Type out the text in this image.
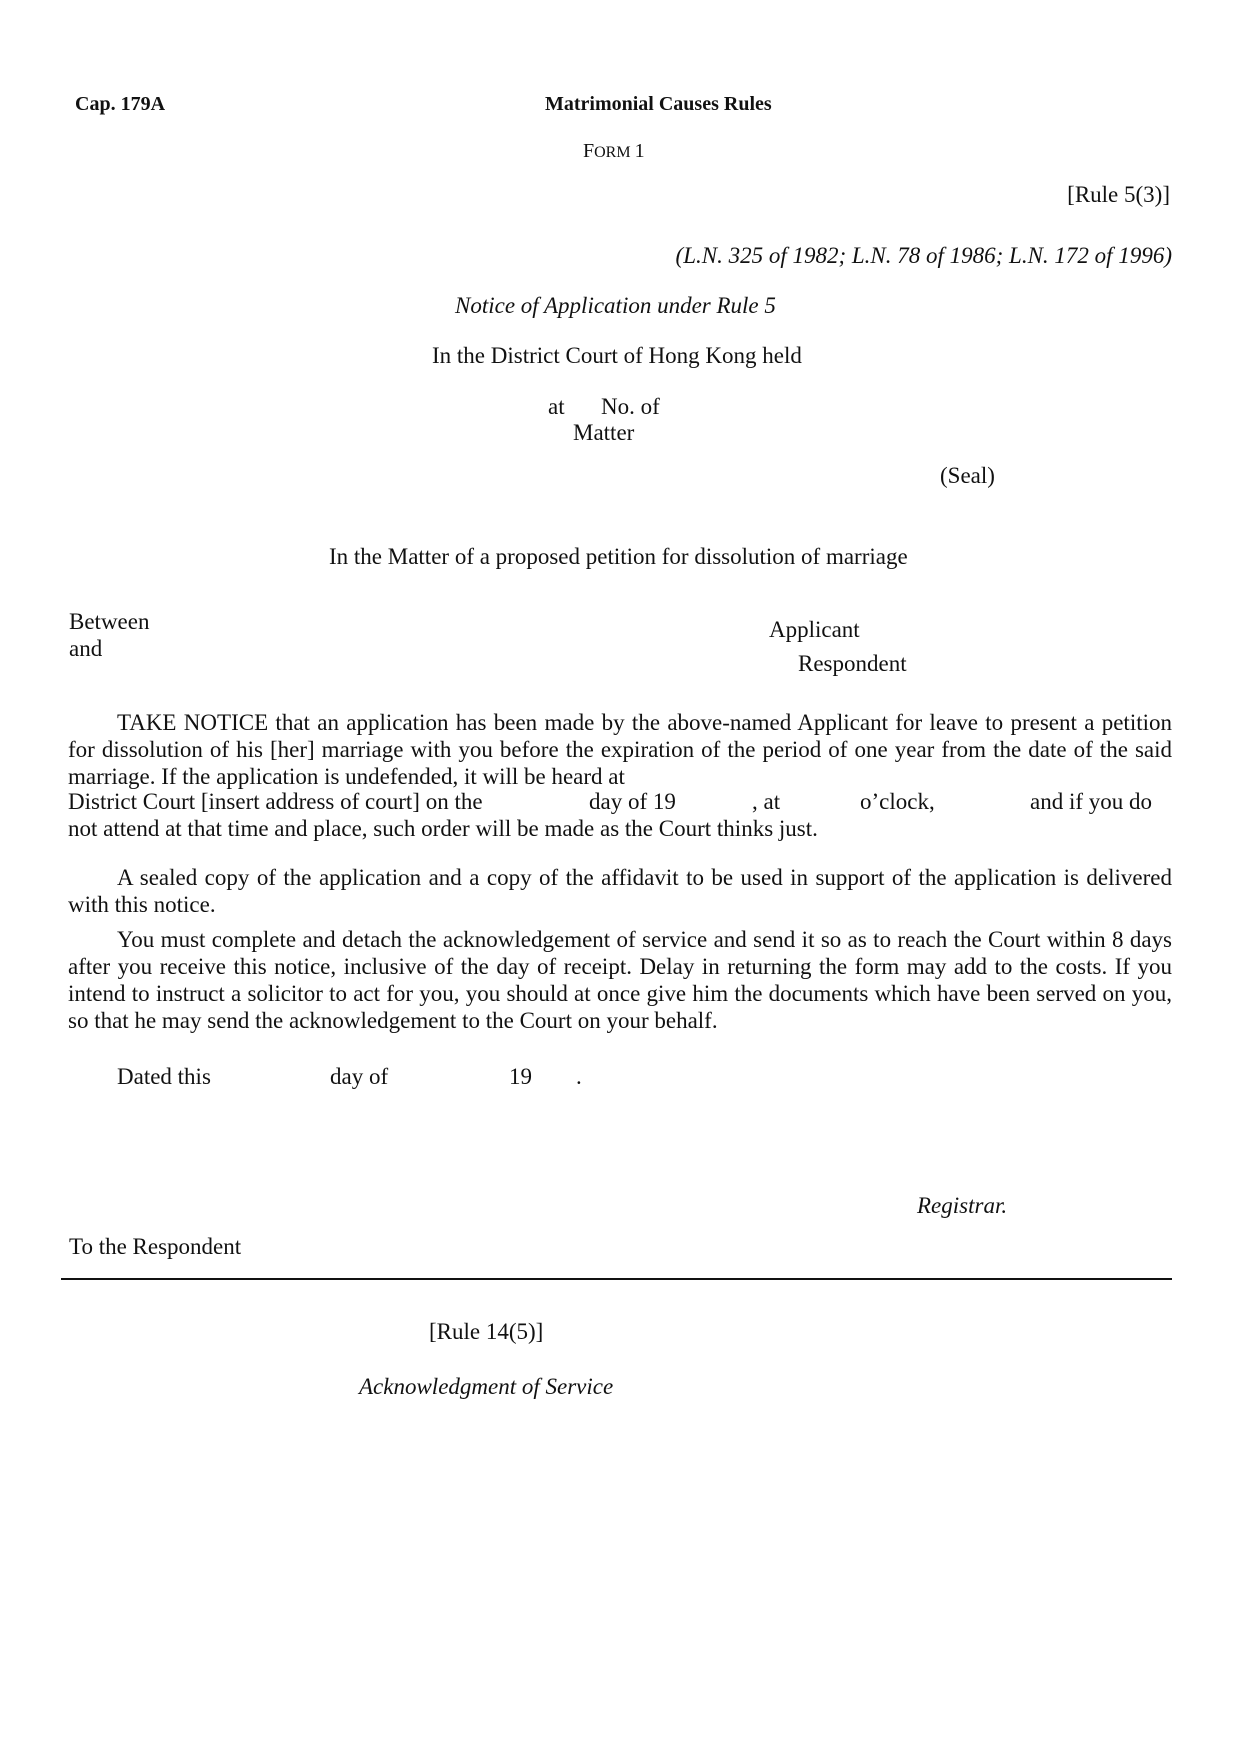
Cap. 179A	Matrimonial Causes Rules
FORM 1
[Rule 5(3)]
(L.N. 325 of 1982; L.N. 78 of 1986; L.N. 172 of 1996)
Notice of Application under Rule 5
In the District Court of Hong Kong held
at No. of
Matter
(Seal)
In the Matter of a proposed petition for dissolution of marriage
Between
and
Applicant
Respondent
TAKE NOTICE that an application has been made by the above-named Applicant for leave to present a petition for dissolution of his [her] marriage with you before the expiration of the period of one year from the date of the said marriage. If the application is undefended, it will be heard at
District Court [insert address of court] on the	day of 19	, at	o’clock,	and if you do
not attend at that time and place, such order will be made as the Court thinks just.
A sealed copy of the application and a copy of the affidavit to be used in support of the application is delivered with this notice.
You must complete and detach the acknowledgement of service and send it so as to reach the Court within 8 days after you receive this notice, inclusive of the day of receipt. Delay in returning the form may add to the costs. If you intend to instruct a solicitor to act for you, you should at once give him the documents which have been served on you, so that he may send the acknowledgement to the Court on your behalf.
Dated this	day of	19 .
Registrar.
To the Respondent
[Rule 14(5)]
Acknowledgment of Service
